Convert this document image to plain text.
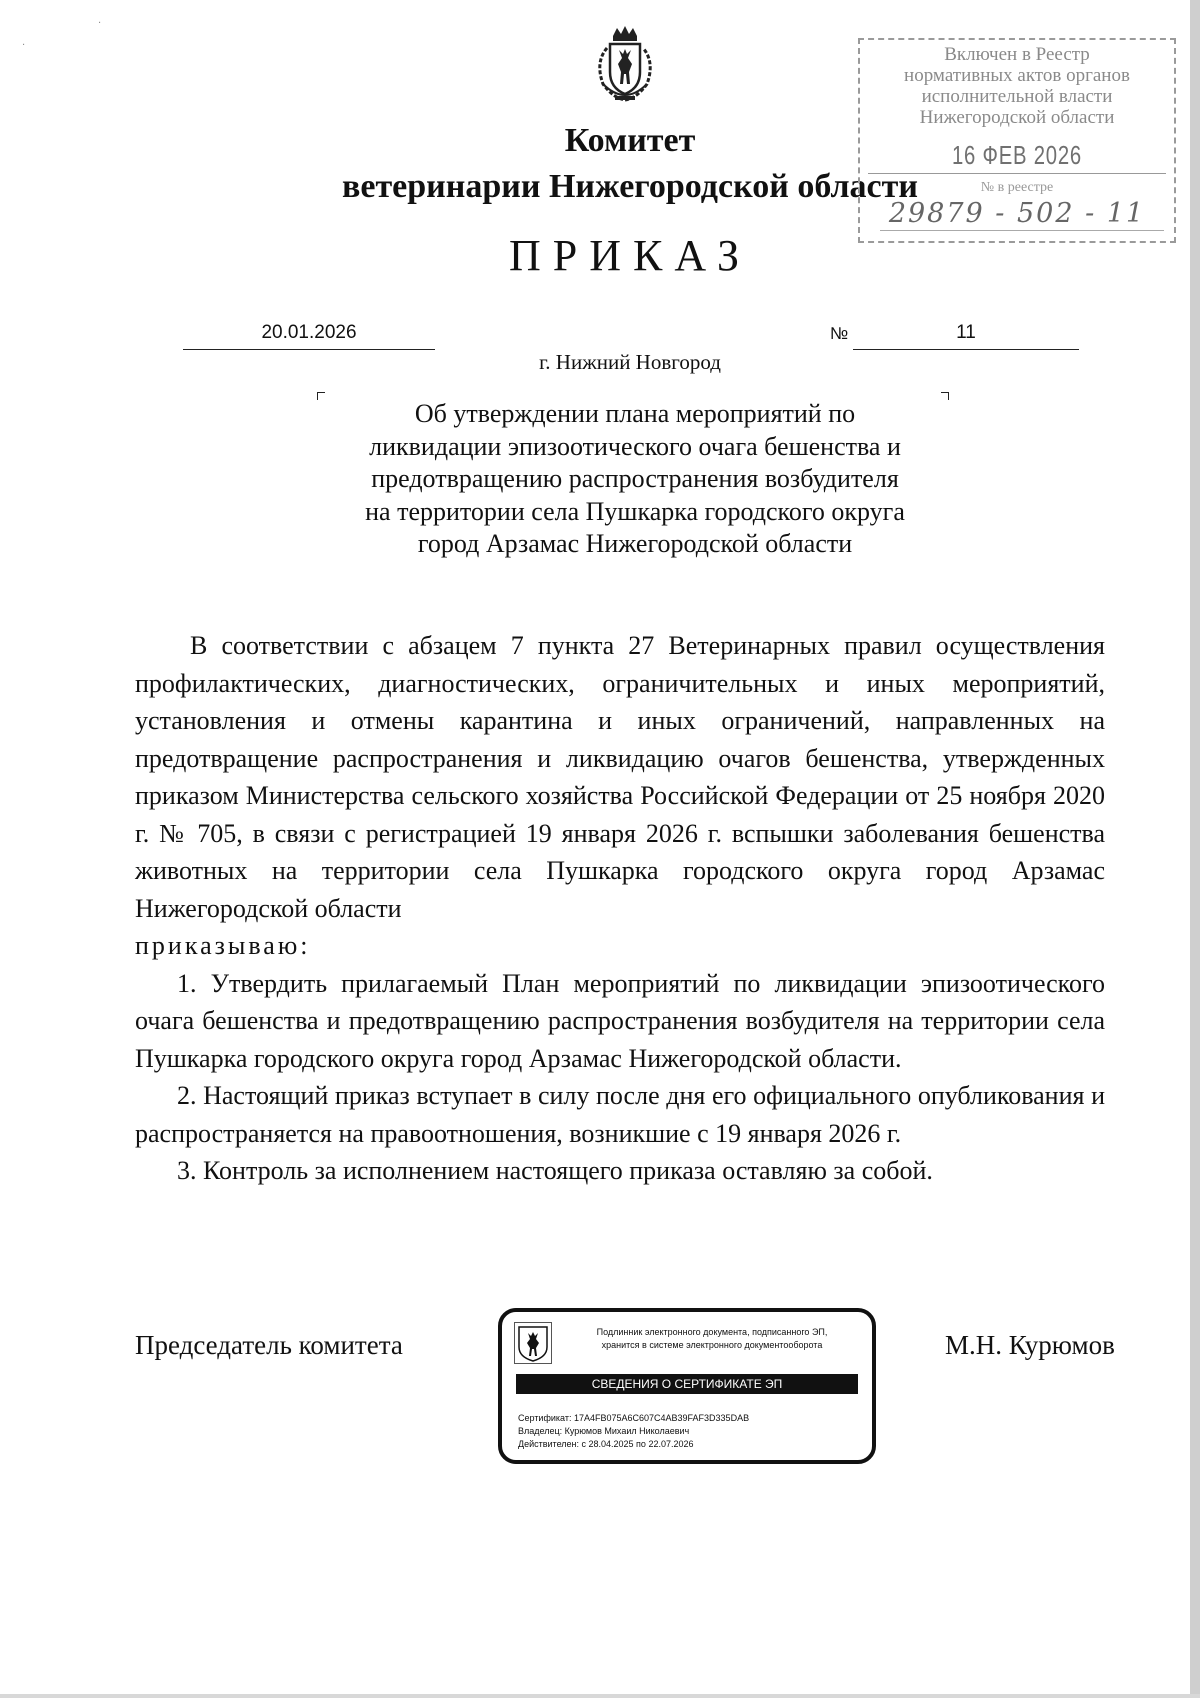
·
·
Комитет
ветеринарии Нижегородской области
ПРИКАЗ
Включен в Реестр
нормативных актов органов
исполнительной власти
Нижегородской области
16 ФЕВ 2026
№ в реестре
29879 - 502 - 11
20.01.2026	№	11
г. Нижний Новгород
Об утверждении плана мероприятий по
ликвидации эпизоотического очага бешенства и
предотвращению распространения возбудителя
на территории села Пушкарка городского округа
город Арзамас Нижегородской области

В соответствии с абзацем 7 пункта 27 Ветеринарных правил осуществления профилактических, диагностических, ограничительных и иных мероприятий, установления и отмены карантина и иных ограничений, направленных на предотвращение распространения и ликвидацию очагов бешенства, утвержденных приказом Министерства сельского хозяйства Российской Федерации от 25 ноября 2020 г. № 705, в связи с регистрацией 19 января 2026 г. вспышки заболевания бешенства животных на территории села Пушкарка городского округа город Арзамас Нижегородской области

приказываю:

1. Утвердить прилагаемый План мероприятий по ликвидации эпизоотического очага бешенства и предотвращению распространения возбудителя на территории села Пушкарка городского округа город Арзамас Нижегородской области.

2. Настоящий приказ вступает в силу после дня его официального опубликования и распространяется на правоотношения, возникшие с 19 января 2026 г.

3. Контроль за исполнением настоящего приказа оставляю за собой.

Председатель комитета	М.Н. Курюмов
Подлинник электронного документа, подписанного ЭП,
хранится в системе электронного документооборота
СВЕДЕНИЯ О СЕРТИФИКАТЕ ЭП
Сертификат: 17A4FB075A6C607C4AB39FAF3D335DAB
Владелец: Курюмов Михаил Николаевич
Действителен: с 28.04.2025 по 22.07.2026
